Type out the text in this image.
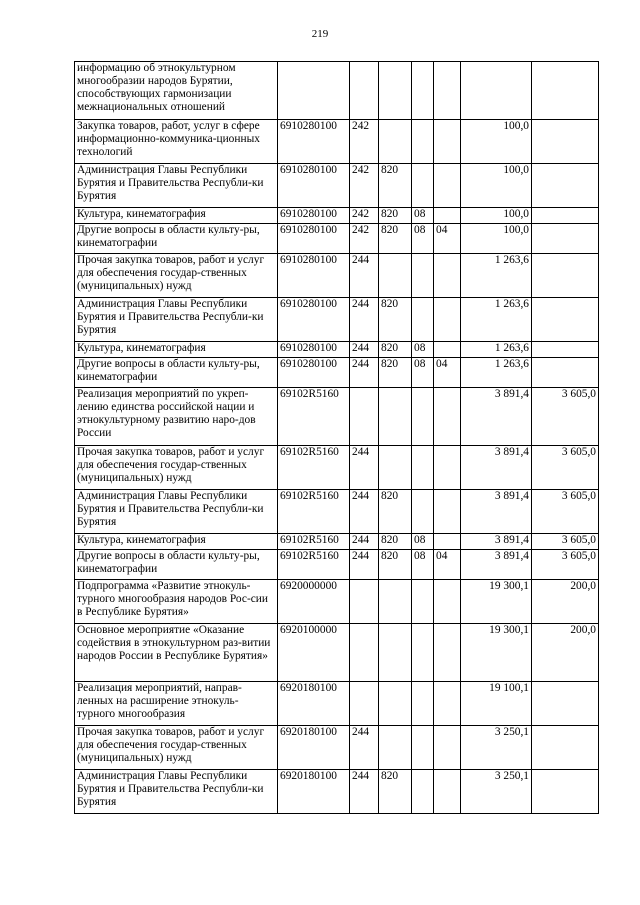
219
информацию об этнокультурном многообразии народов Бурятии, способствующих гармонизации межнациональных отношений							
Закупка товаров, работ, услуг в сфере информационно-коммуника-ционных технологий	6910280100	242				100,0	
Администрация Главы Республики Бурятия и Правительства Республи-ки Бурятия	6910280100	242	820			100,0	
Культура, кинематография	6910280100	242	820	08		100,0	
Другие вопросы в области культу-ры, кинематографии	6910280100	242	820	08	04	100,0	
Прочая закупка товаров, работ и услуг для обеспечения государ-ственных (муниципальных) нужд	6910280100	244				1 263,6	
Администрация Главы Республики Бурятия и Правительства Республи-ки Бурятия	6910280100	244	820			1 263,6	
Культура, кинематография	6910280100	244	820	08		1 263,6	
Другие вопросы в области культу-ры, кинематографии	6910280100	244	820	08	04	1 263,6	
Реализация мероприятий по укреп-лению единства российской нации и этнокультурному развитию наро-дов России	69102R5160					3 891,4	3 605,0
Прочая закупка товаров, работ и услуг для обеспечения государ-ственных (муниципальных) нужд	69102R5160	244				3 891,4	3 605,0
Администрация Главы Республики Бурятия и Правительства Республи-ки Бурятия	69102R5160	244	820			3 891,4	3 605,0
Культура, кинематография	69102R5160	244	820	08		3 891,4	3 605,0
Другие вопросы в области культу-ры, кинематографии	69102R5160	244	820	08	04	3 891,4	3 605,0
Подпрограмма «Развитие этнокуль-турного многообразия народов Рос-сии в Республике Бурятия»	6920000000					19 300,1	200,0
Основное мероприятие «Оказание содействия в этнокультурном раз-витии народов России в Республике Бурятия»	6920100000					19 300,1	200,0
Реализация мероприятий, направ-ленных на расширение этнокуль-турного многообразия	6920180100					19 100,1	
Прочая закупка товаров, работ и услуг для обеспечения государ-ственных (муниципальных) нужд	6920180100	244				3 250,1	
Администрация Главы Республики Бурятия и Правительства Республи-ки Бурятия	6920180100	244	820			3 250,1	
